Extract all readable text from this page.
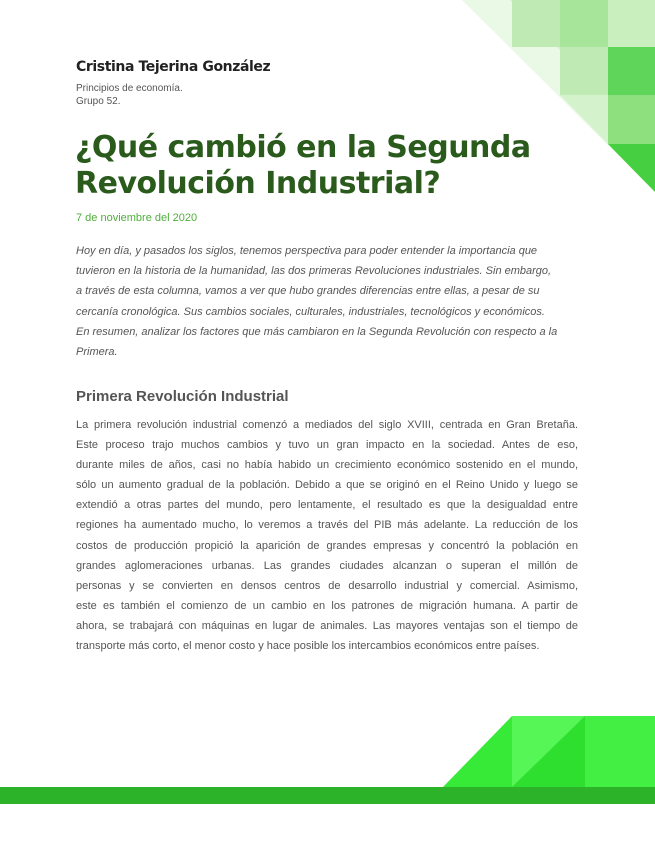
Cristina Tejerina González
Principios de economía.
Grupo 52.
¿Qué cambió en la Segunda
Revolución Industrial?
7 de noviembre del 2020
Hoy en día, y pasados los siglos, tenemos perspectiva para poder entender la importancia que
tuvieron en la historia de la humanidad, las dos primeras Revoluciones industriales. Sin embargo,
a través de esta columna, vamos a ver que hubo grandes diferencias entre ellas, a pesar de su
cercanía cronológica. Sus cambios sociales, culturales, industriales, tecnológicos y económicos.
En resumen, analizar los factores que más cambiaron en la Segunda Revolución con respecto a la
Primera.
Primera Revolución Industrial
La primera revolución industrial comenzó a mediados del siglo XVIII, centrada en Gran Bretaña.
Este proceso trajo muchos cambios y tuvo un gran impacto en la sociedad. Antes de eso,
durante miles de años, casi no había habido un crecimiento económico sostenido en el mundo,
sólo un aumento gradual de la población. Debido a que se originó en el Reino Unido y luego se
extendió a otras partes del mundo, pero lentamente, el resultado es que la desigualdad entre
regiones ha aumentado mucho, lo veremos a través del PIB más adelante. La reducción de los
costos de producción propició la aparición de grandes empresas y concentró la población en
grandes aglomeraciones urbanas. Las grandes ciudades alcanzan o superan el millón de
personas y se convierten en densos centros de desarrollo industrial y comercial. Asimismo,
este es también el comienzo de un cambio en los patrones de migración humana. A partir de
ahora, se trabajará con máquinas en lugar de animales. Las mayores ventajas son el tiempo de
transporte más corto, el menor costo y hace posible los intercambios económicos entre países.
